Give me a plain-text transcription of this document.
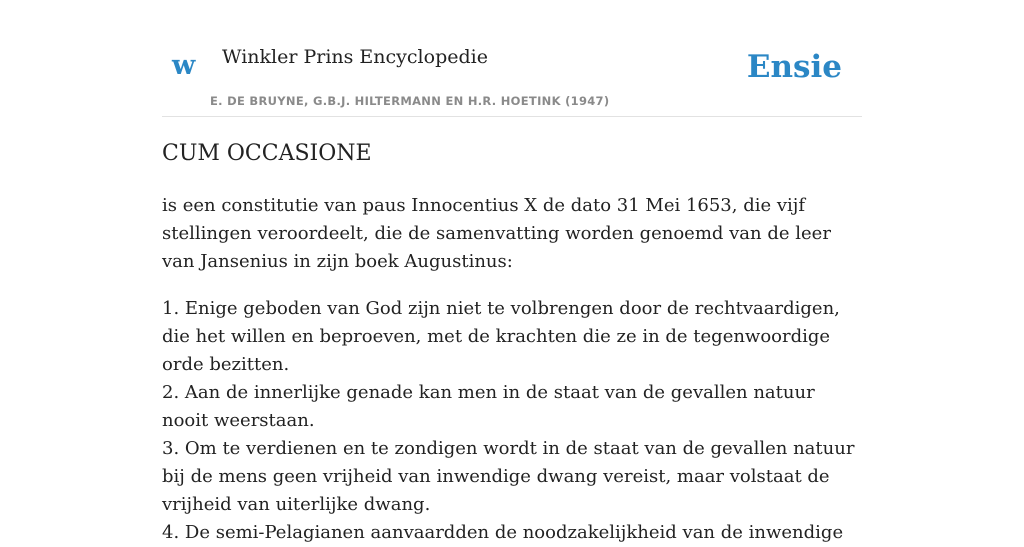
w Winkler Prins Encyclopedie
E. DE BRUYNE, G.B.J. HILTERMANN EN H.R. HOETINK (1947)
Ensie
CUM OCCASIONE

is een constitutie van paus Innocentius X de dato 31 Mei 1653, die vijf stellingen veroordeelt, die de samenvatting worden genoemd van de leer van Jansenius in zijn boek Augustinus:

1. Enige geboden van God zijn niet te volbrengen door de rechtvaardigen, die het willen en beproeven, met de krachten die ze in de tegenwoordige orde bezitten.
2. Aan de innerlijke genade kan men in de staat van de gevallen natuur nooit weerstaan.
3. Om te verdienen en te zondigen wordt in de staat van de gevallen natuur bij de mens geen vrijheid van inwendige dwang vereist, maar volstaat de vrijheid van uiterlijke dwang.
4. De semi-Pelagianen aanvaardden de noodzakelijkheid van de inwendige
